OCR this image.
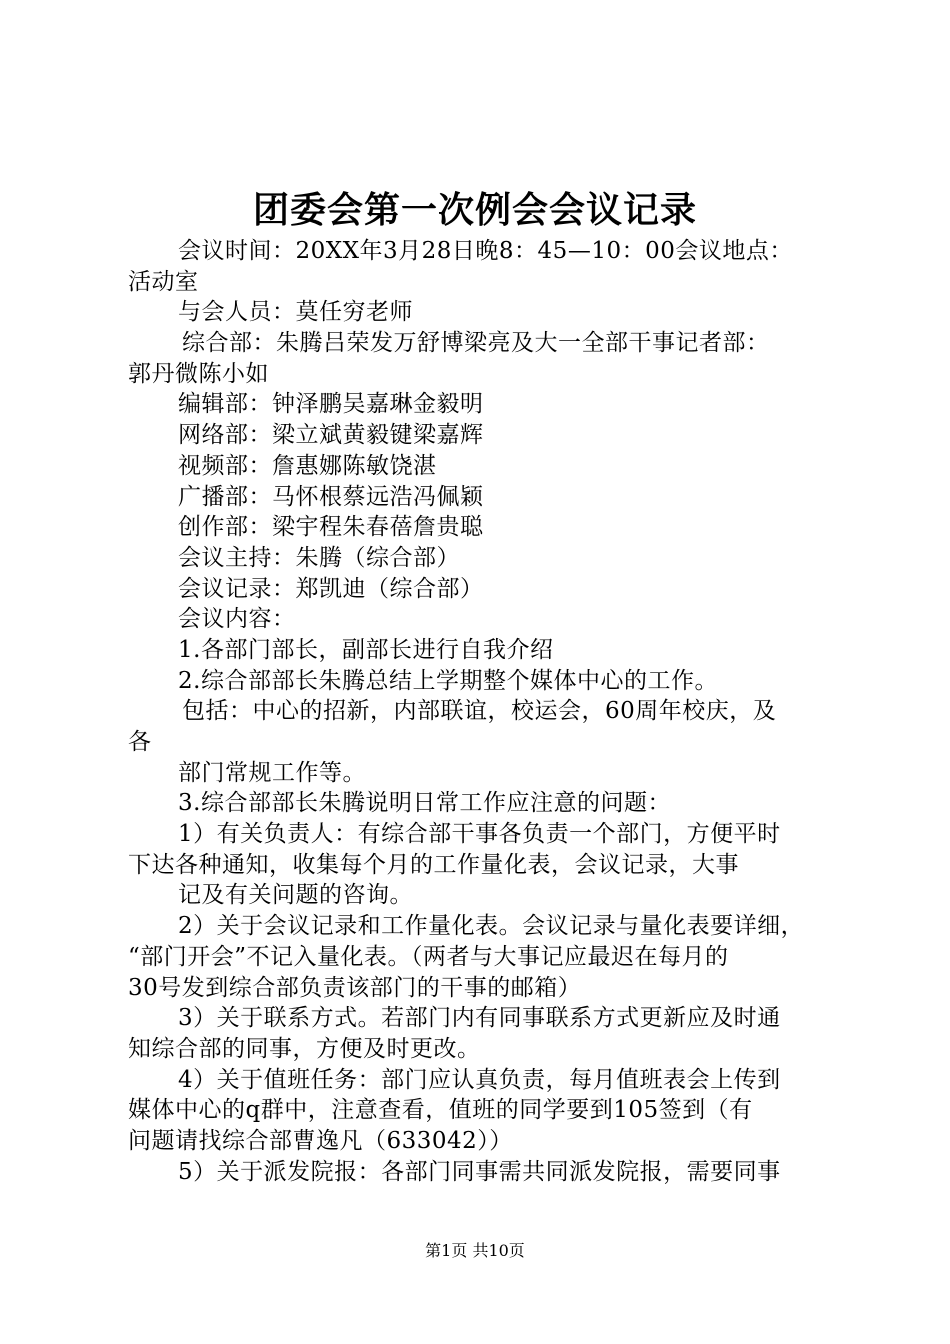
团委会第一次例会会议记录
会议时间：20XX年3月28日晚8：45—10：00会议地点：
活动室
与会人员：莫任穷老师
综合部：朱腾吕荣发万舒博梁亮及大一全部干事记者部：
郭丹微陈小如
编辑部：钟泽鹏吴嘉琳金毅明
网络部：梁立斌黄毅键梁嘉辉
视频部：詹惠娜陈敏饶湛
广播部：马怀根蔡远浩冯佩颖
创作部：梁宇程朱春蓓詹贵聪
会议主持：朱腾（综合部）
会议记录：郑凯迪（综合部）
会议内容：
1.各部门部长，副部长进行自我介绍
2.综合部部长朱腾总结上学期整个媒体中心的工作。
包括：中心的招新，内部联谊，校运会，60周年校庆，及
各
部门常规工作等。
3.综合部部长朱腾说明日常工作应注意的问题：
1）有关负责人：有综合部干事各负责一个部门，方便平时
下达各种通知，收集每个月的工作量化表，会议记录，大事
记及有关问题的咨询。
2）关于会议记录和工作量化表。会议记录与量化表要详细，
“部门开会”不记入量化表。（两者与大事记应最迟在每月的
30号发到综合部负责该部门的干事的邮箱）
3）关于联系方式。若部门内有同事联系方式更新应及时通
知综合部的同事，方便及时更改。
4）关于值班任务：部门应认真负责，每月值班表会上传到
媒体中心的q群中，注意查看，值班的同学要到105签到（有
问题请找综合部曹逸凡（633042））
5）关于派发院报：各部门同事需共同派发院报，需要同事
第1页 共10页
